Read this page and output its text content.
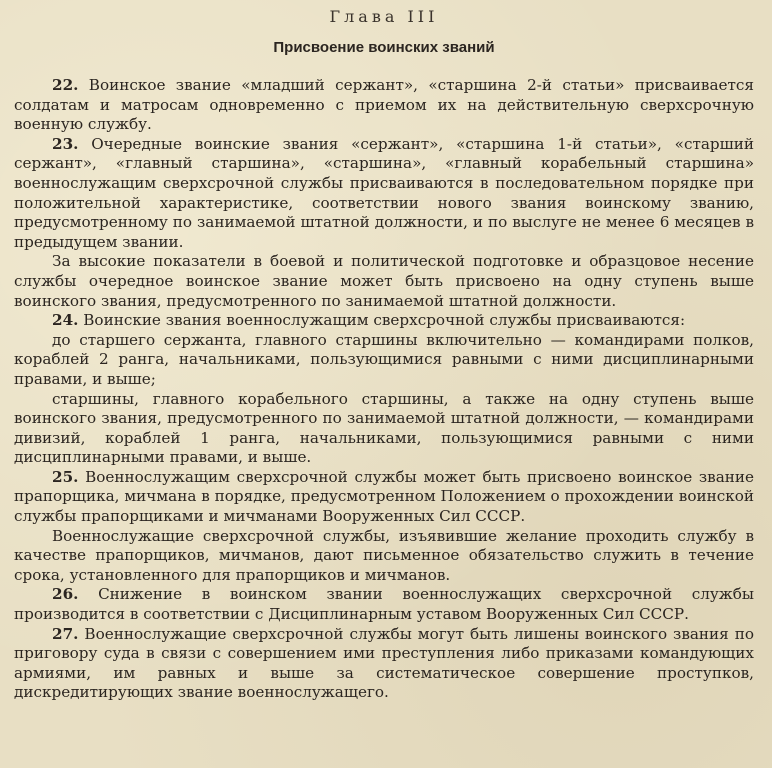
Глава III
Присвоение воинских званий

22. Воинское звание «младший сержант», «старшина 2-й статьи» присваивается солдатам и матросам одновременно с приемом их на действительную сверхсрочную военную службу.

23. Очередные воинские звания «сержант», «старшина 1-й статьи», «старший сержант», «главный старшина», «старшина», «главный корабельный старшина» военнослужащим сверхсрочной службы присваиваются в последовательном порядке при положительной характеристике, соответствии нового звания воинскому званию, предусмотренному по занимаемой штатной должности, и по выслуге не менее 6 месяцев в предыдущем звании.

За высокие показатели в боевой и политической подготовке и образцовое несение службы очередное воинское звание может быть присвоено на одну ступень выше воинского звания, предусмотренного по занимаемой штатной должности.

24. Воинские звания военнослужащим сверхсрочной службы присваиваются:

до старшего сержанта, главного старшины включительно — командирами полков, кораблей 2 ранга, начальниками, пользующимися равными с ними дисциплинарными правами, и выше;

старшины, главного корабельного старшины, а также на одну ступень выше воинского звания, предусмотренного по занимаемой штатной должности, — командирами дивизий, кораблей 1 ранга, начальниками, пользующимися равными с ними дисциплинарными правами, и выше.

25. Военнослужащим сверхсрочной службы может быть присвоено воинское звание прапорщика, мичмана в порядке, предусмотренном Положением о прохождении воинской службы прапорщиками и мичманами Вооруженных Сил СССР.

Военнослужащие сверхсрочной службы, изъявившие желание проходить службу в качестве прапорщиков, мичманов, дают письменное обязательство служить в течение срока, установленного для прапорщиков и мичманов.

26. Снижение в воинском звании военнослужащих сверхсрочной службы производится в соответствии с Дисциплинарным уставом Вооруженных Сил СССР.

27. Военнослужащие сверхсрочной службы могут быть лишены воинского звания по приговору суда в связи с совершением ими преступления либо приказами командующих армиями, им равных и выше за систематическое совершение проступков, дискредитирующих звание военнослужащего.
